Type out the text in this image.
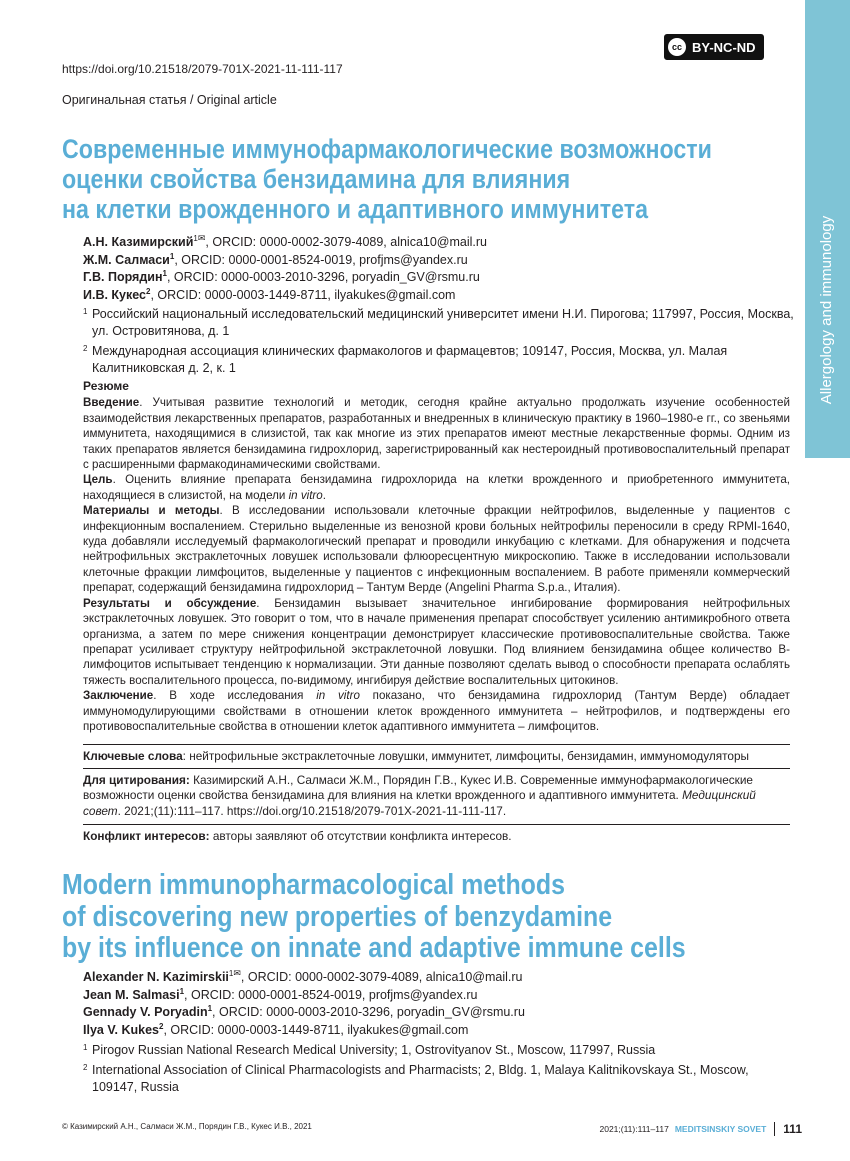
Allergology and immunology
cc BY-NC-ND
https://doi.org/10.21518/2079-701X-2021-11-111-117
Оригинальная статья / Original article
Современные иммунофармакологические возможности
оценки свойства бензидамина для влияния
на клетки врожденного и адаптивного иммунитета
А.Н. Казимирский$^{1✉}$, ORCID: 0000-0002-3079-4089, alnica10@mail.ru
Ж.М. Салмаси$^1$, ORCID: 0000-0001-8524-0019, profjms@yandex.ru
Г.В. Порядин$^1$, ORCID: 0000-0003-2010-3296, poryadin_GV@rsmu.ru
И.В. Кукес$^2$, ORCID: 0000-0003-1449-8711, ilyakukes@gmail.com
1 Российский национальный исследовательский медицинский университет имени Н.И. Пирогова; 117997, Россия, Москва,
ул. Островитянова, д. 1
2 Международная ассоциация клинических фармакологов и фармацевтов; 109147, Россия, Москва, ул. Малая
Калитниковская д. 2, к. 1
Резюме

Введение. Учитывая развитие технологий и методик, сегодня крайне актуально продолжать изучение особенностей взаимодействия лекарственных препаратов, разработанных и внедренных в клиническую практику в 1960–1980-е гг., со звеньями иммунитета, находящимися в слизистой, так как многие из этих препаратов имеют местные лекарственные формы. Одним из таких препаратов является бензидамина гидрохлорид, зарегистрированный как нестероидный противовоспалительный препарат с расширенными фармакодинамическими свойствами.

Цель. Оценить влияние препарата бензидамина гидрохлорида на клетки врожденного и приобретенного иммунитета, находящиеся в слизистой, на модели in vitro.

Материалы и методы. В исследовании использовали клеточные фракции нейтрофилов, выделенные у пациентов с инфекционным воспалением. Стерильно выделенные из венозной крови больных нейтрофилы переносили в среду RPMI-1640, куда добавляли исследуемый фармакологический препарат и проводили инкубацию с клетками. Для обнаружения и подсчета нейтрофильных экстраклеточных ловушек использовали флюоресцентную микроскопию. Также в исследовании использовали клеточные фракции лимфоцитов, выделенные у пациентов с инфекционным воспалением. В работе применяли коммерческий препарат, содержащий бензидамина гидрохлорид – Тантум Верде (Angelini Pharma S.p.a., Италия).

Результаты и обсуждение. Бензидамин вызывает значительное ингибирование формирования нейтрофильных экстраклеточных ловушек. Это говорит о том, что в начале применения препарат способствует усилению антимикробного ответа организма, а затем по мере снижения концентрации демонстрирует классические противовоспалительные свойства. Также препарат усиливает структуру нейтрофильной экстраклеточной ловушки. Под влиянием бензидамина общее количество В-лимфоцитов испытывает тенденцию к нормализации. Эти данные позволяют сделать вывод о способности препарата ослаблять тяжесть воспалительного процесса, по-видимому, ингибируя действие воспалительных цитокинов.

Заключение. В ходе исследования in vitro показано, что бензидамина гидрохлорид (Тантум Верде) обладает иммуномодулирующими свойствами в отношении клеток врожденного иммунитета – нейтрофилов, и подтверждены его противовоспалительные свойства в отношении клеток адаптивного иммунитета – лимфоцитов.

Ключевые слова: нейтрофильные экстраклеточные ловушки, иммунитет, лимфоциты, бензидамин, иммуномодуляторы
Для цитирования: Казимирский А.Н., Салмаси Ж.М., Порядин Г.В., Кукес И.В. Современные иммунофармакологические возможности оценки свойства бензидамина для влияния на клетки врожденного и адаптивного иммунитета. Медицинский совет. 2021;(11):111–117. https://doi.org/10.21518/2079-701X-2021-11-111-117.
Конфликт интересов: авторы заявляют об отсутствии конфликта интересов.
Modern immunopharmacological methods
of discovering new properties of benzydamine
by its influence on innate and adaptive immune cells
Alexander N. Kazimirskii$^{1✉}$, ORCID: 0000-0002-3079-4089, alnica10@mail.ru
Jean M. Salmasi$^1$, ORCID: 0000-0001-8524-0019, profjms@yandex.ru
Gennady V. Poryadin$^1$, ORCID: 0000-0003-2010-3296, poryadin_GV@rsmu.ru
Ilya V. Kukes$^2$, ORCID: 0000-0003-1449-8711, ilyakukes@gmail.com
1 Pirogov Russian National Research Medical University; 1, Ostrovityanov St., Moscow, 117997, Russia
2 International Association of Clinical Pharmacologists and Pharmacists; 2, Bldg. 1, Malaya Kalitnikovskaya St., Moscow,
109147, Russia
© Казимирский А.Н., Салмаси Ж.М., Порядин Г.В., Кукес И.В., 2021	2021;(11):111–117 MEDITSINSKIY SOVET 111
